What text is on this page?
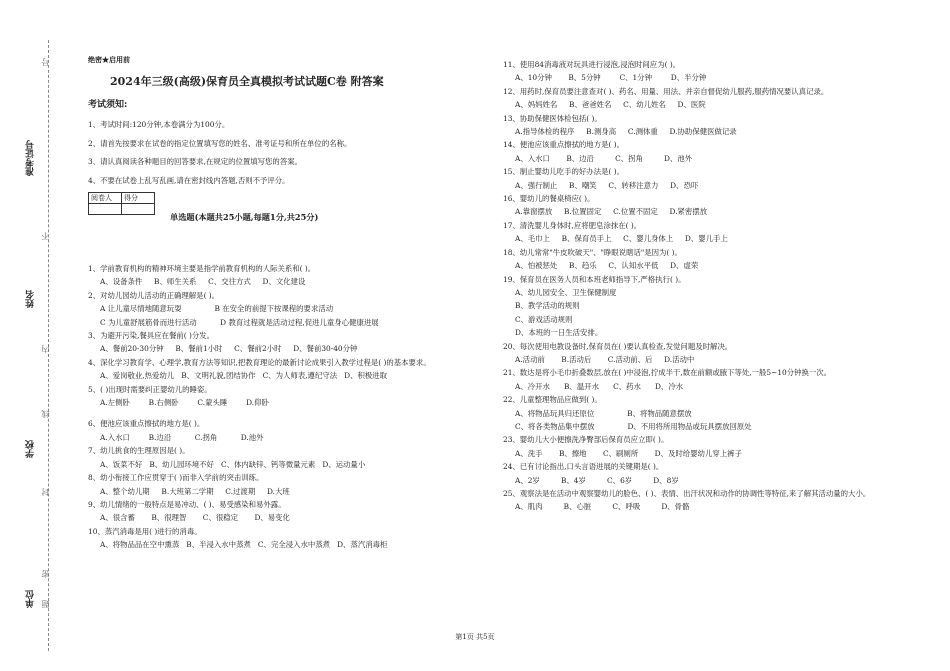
准考证号
姓名
学校
单位
号
不
内
线
封
密
题
绝密★启用前
2024年三级(高级)保育员全真模拟考试试题C卷 附答案
考试须知:
1、考试时间:120分钟,本卷满分为100分。
2、请首先按要求在试卷的指定位置填写您的姓名、准考证号和所在单位的名称。
3、请认真阅读各种题目的回答要求,在规定的位置填写您的答案。
4、不要在试卷上乱写乱画,请在密封线内答题,否则不予评分。
阅卷人	得分

单选题(本题共25小题,每题1分,共25分)
1、学前教育机构的精神环境主要是指学前教育机构的人际关系和( )。
A、设备条件     B、师生关系     C、交往方式     D、文化建设
2、对幼儿园幼儿活动的正确理解是( )。
A 让儿童尽情地随意玩耍              B 在安全的前提下按课程的要求活动
C 为儿童舒展筋骨而进行活动          D 教育过程就是活动过程,促进儿童身心健康进展
3、为避开污染,餐具应在餐前( )分发。
A、餐前20-30分钟     B、餐前1小时     C、餐前2小时     D、餐前30-40分钟
4、深化学习教育学、心理学,教育方法等知识,把教育理论的最新讨论成果引入教学过程是( )的基本要求。
A、爱岗敬业,热爱幼儿   B、文明礼貌,团结协作   C、为人师表,遵纪守法   D、积极进取
5、( )出现时需要纠正婴幼儿的睡姿。
A.左侧卧        B.右侧卧        C.蒙头睡        D.仰卧
6、便池应该重点擦拭的地方是( )。
A.入水口        B.边沿          C.拐角          D.池外
7、幼儿挑食的生理原因是( )。
A、饭菜不好   B、幼儿园环境不好   C、体内缺锌、钙等微量元素   D、运动量小
8、幼小衔接工作应贯穿于( )而非入学前的突击训练。
A、整个幼儿期     B.大班第二学期     C.过渡期     D.大班
9、幼儿情绪的一般特点是易冲动、( )、易受感染和易外露。
A、很含蓄       B、很理智       C、很稳定       D、易变化
10、蒸汽消毒是用( )进行的消毒。
A、将物品品在空中熏蒸   B、半浸入水中蒸煮   C、完全浸入水中蒸煮   D、蒸汽消毒柜
11、使用84消毒液对玩具进行浸泡,浸泡时间应为( )。
A、10分钟       B、5分钟        C、1分钟        D、半分钟
12、用药时,保育员要注意查对( )、药名、用量、用法、并亲自督促幼儿服药,服药情况要认真记录。
A、妈妈姓名     B、爸爸姓名     C、幼儿姓名     D、医院
13、协助保健医体检包括( )。
A.指导体检的程序     B.测身高     C.测体重     D.协助保健医做记录
14、便池应该重点擦拭的地方是( )。
A、入水口       B、边沿         C、拐角         D、池外
15、制止婴幼儿吃手的好办法是( )。
A、强行制止     B、嘲笑     C、转移注意力     D、恐吓
16、婴幼儿的餐桌椅应( )。
A.靠窗摆放     B.位置固定     C.位置不固定     D.紧密摆放
17、清洗婴儿身体时,应将肥皂涂抹在( )。
A、毛巾上     B、保育员手上     C、婴儿身体上     D、婴儿手上
18、幼儿常常"牛皮吹破天"、"睁眼说瞎话"是因为( )。
A、怕被惩处     B、趋乐     C、认知水平低     D、虚荣
19、保育员在医务人员和本班老师指导下,严格执行( )。
A、幼儿园安全、卫生保健制度
B、教学活动的规则
C、游戏活动规则
D、本班的一日生活安排。
20、每次使用电教设备时,保育员在( )要认真检查,发觉问题及时解决。
A.活动前       B.活动后       C.活动前、后     D.活动中
21、数达是将小毛巾折叠数层,放在( )中浸泡,拧成半干,数在前额或腋下等处,一般5~10分钟换一次。
A、冷开水      B、温开水      C、药水      D、冷水
22、儿童整理物品应做到( )。
A、将物品玩具归还原位              B、将物品随意摆放
C、将各类物品集中摆放              D、不用将所用物品或玩具摆放回原处
23、婴幼儿大小便擦洗净臀部后保育员应立即( )。
A、洗手       B、擦地       C、刷厕所       D、及时给婴幼儿穿上裤子
24、已有讨论指出,口头言语进展的关键期是( )。
A、2岁         B、4岁         C、6岁         D、8岁
25、观察法是在活动中观察婴幼儿的脸色、( )、表情、出汗状况和动作的协调性等特征,来了解其活动量的大小。
A、肌肉         B、心脏         C、呼吸         D、骨骼
第1页 共5页
